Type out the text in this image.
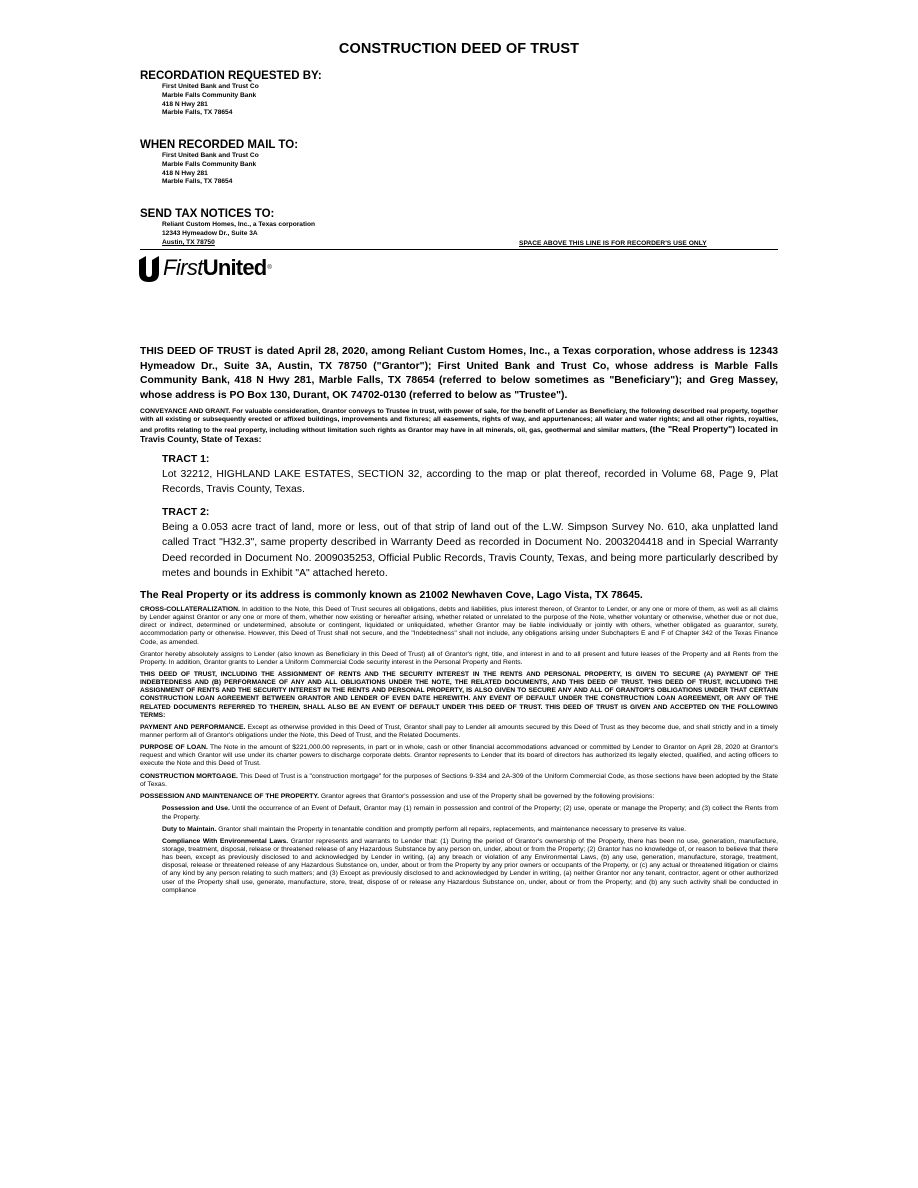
CONSTRUCTION DEED OF TRUST
RECORDATION REQUESTED BY:
First United Bank and Trust Co
Marble Falls Community Bank
418 N Hwy 281
Marble Falls, TX 78654
WHEN RECORDED MAIL TO:
First United Bank and Trust Co
Marble Falls Community Bank
418 N Hwy 281
Marble Falls, TX 78654
SEND TAX NOTICES TO:
Reliant Custom Homes, Inc., a Texas corporation
12343 Hymeadow Dr., Suite 3A
Austin, TX 78750	SPACE ABOVE THIS LINE IS FOR RECORDER'S USE ONLY
FirstUnited®

THIS DEED OF TRUST is dated April 28, 2020, among Reliant Custom Homes, Inc., a Texas corporation, whose address is 12343 Hymeadow Dr., Suite 3A, Austin, TX 78750 ("Grantor"); First United Bank and Trust Co, whose address is Marble Falls Community Bank, 418 N Hwy 281, Marble Falls, TX 78654 (referred to below sometimes as "Beneficiary"); and Greg Massey, whose address is PO Box 130, Durant, OK 74702-0130 (referred to below as "Trustee").

CONVEYANCE AND GRANT. For valuable consideration, Grantor conveys to Trustee in trust, with power of sale, for the benefit of Lender as Beneficiary, the following described real property, together with all existing or subsequently erected or affixed buildings, improvements and fixtures; all easements, rights of way, and appurtenances; all water and water rights; and all other rights, royalties, and profits relating to the real property, including without limitation such rights as Grantor may have in all minerals, oil, gas, geothermal and similar matters, (the "Real Property") located in Travis County, State of Texas:

TRACT 1:

Lot 32212, HIGHLAND LAKE ESTATES, SECTION 32, according to the map or plat thereof, recorded in Volume 68, Page 9, Plat Records, Travis County, Texas.

TRACT 2:

Being a 0.053 acre tract of land, more or less, out of that strip of land out of the L.W. Simpson Survey No. 610, aka unplatted land called Tract "H32.3", same property described in Warranty Deed as recorded in Document No. 2003204418 and in Special Warranty Deed recorded in Document No. 2009035253, Official Public Records, Travis County, Texas, and being more particularly described by metes and bounds in Exhibit "A" attached hereto.

The Real Property or its address is commonly known as 21002 Newhaven Cove, Lago Vista, TX 78645.

CROSS-COLLATERALIZATION. In addition to the Note, this Deed of Trust secures all obligations, debts and liabilities, plus interest thereon, of Grantor to Lender, or any one or more of them, as well as all claims by Lender against Grantor or any one or more of them, whether now existing or hereafter arising, whether related or unrelated to the purpose of the Note, whether voluntary or otherwise, whether due or not due, direct or indirect, determined or undetermined, absolute or contingent, liquidated or unliquidated, whether Grantor may be liable individually or jointly with others, whether obligated as guarantor, surety, accommodation party or otherwise. However, this Deed of Trust shall not secure, and the "Indebtedness" shall not include, any obligations arising under Subchapters E and F of Chapter 342 of the Texas Finance Code, as amended.

Grantor hereby absolutely assigns to Lender (also known as Beneficiary in this Deed of Trust) all of Grantor's right, title, and interest in and to all present and future leases of the Property and all Rents from the Property. In addition, Grantor grants to Lender a Uniform Commercial Code security interest in the Personal Property and Rents.

THIS DEED OF TRUST, INCLUDING THE ASSIGNMENT OF RENTS AND THE SECURITY INTEREST IN THE RENTS AND PERSONAL PROPERTY, IS GIVEN TO SECURE (A) PAYMENT OF THE INDEBTEDNESS AND (B) PERFORMANCE OF ANY AND ALL OBLIGATIONS UNDER THE NOTE, THE RELATED DOCUMENTS, AND THIS DEED OF TRUST. THIS DEED OF TRUST, INCLUDING THE ASSIGNMENT OF RENTS AND THE SECURITY INTEREST IN THE RENTS AND PERSONAL PROPERTY, IS ALSO GIVEN TO SECURE ANY AND ALL OF GRANTOR'S OBLIGATIONS UNDER THAT CERTAIN CONSTRUCTION LOAN AGREEMENT BETWEEN GRANTOR AND LENDER OF EVEN DATE HEREWITH. ANY EVENT OF DEFAULT UNDER THE CONSTRUCTION LOAN AGREEMENT, OR ANY OF THE RELATED DOCUMENTS REFERRED TO THEREIN, SHALL ALSO BE AN EVENT OF DEFAULT UNDER THIS DEED OF TRUST. THIS DEED OF TRUST IS GIVEN AND ACCEPTED ON THE FOLLOWING TERMS:

PAYMENT AND PERFORMANCE. Except as otherwise provided in this Deed of Trust, Grantor shall pay to Lender all amounts secured by this Deed of Trust as they become due, and shall strictly and in a timely manner perform all of Grantor's obligations under the Note, this Deed of Trust, and the Related Documents.

PURPOSE OF LOAN. The Note in the amount of $221,000.00 represents, in part or in whole, cash or other financial accommodations advanced or committed by Lender to Grantor on April 28, 2020 at Grantor's request and which Grantor will use under its charter powers to discharge corporate debts. Grantor represents to Lender that its board of directors has authorized its legally elected, qualified, and acting officers to execute the Note and this Deed of Trust.

CONSTRUCTION MORTGAGE. This Deed of Trust is a "construction mortgage" for the purposes of Sections 9-334 and 2A-309 of the Uniform Commercial Code, as those sections have been adopted by the State of Texas.

POSSESSION AND MAINTENANCE OF THE PROPERTY. Grantor agrees that Grantor's possession and use of the Property shall be governed by the following provisions:

Possession and Use. Until the occurrence of an Event of Default, Grantor may (1) remain in possession and control of the Property; (2) use, operate or manage the Property; and (3) collect the Rents from the Property.

Duty to Maintain. Grantor shall maintain the Property in tenantable condition and promptly perform all repairs, replacements, and maintenance necessary to preserve its value.

Compliance With Environmental Laws. Grantor represents and warrants to Lender that: (1) During the period of Grantor's ownership of the Property, there has been no use, generation, manufacture, storage, treatment, disposal, release or threatened release of any Hazardous Substance by any person on, under, about or from the Property; (2) Grantor has no knowledge of, or reason to believe that there has been, except as previously disclosed to and acknowledged by Lender in writing, (a) any breach or violation of any Environmental Laws, (b) any use, generation, manufacture, storage, treatment, disposal, release or threatened release of any Hazardous Substance on, under, about or from the Property by any prior owners or occupants of the Property, or (c) any actual or threatened litigation or claims of any kind by any person relating to such matters; and (3) Except as previously disclosed to and acknowledged by Lender in writing, (a) neither Grantor nor any tenant, contractor, agent or other authorized user of the Property shall use, generate, manufacture, store, treat, dispose of or release any Hazardous Substance on, under, about or from the Property; and (b) any such activity shall be conducted in compliance
